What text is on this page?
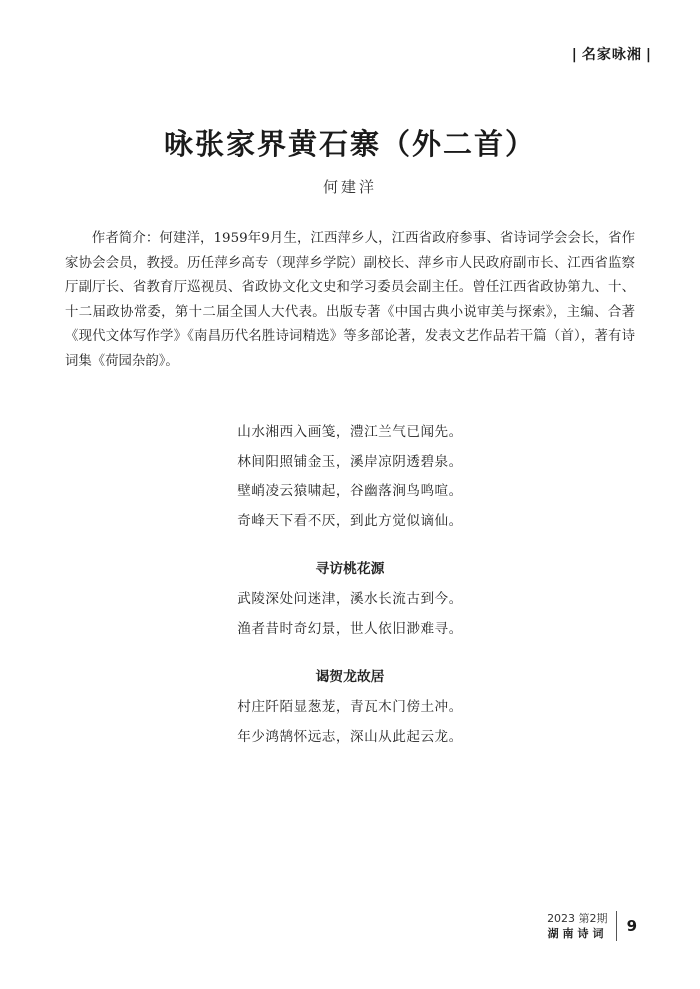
| 名家咏湘 |
咏张家界黄石寨（外二首）

何建洋

作者简介：何建洋，1959年9月生，江西萍乡人，江西省政府参事、省诗词学会会长，省作家协会会员，教授。历任萍乡高专（现萍乡学院）副校长、萍乡市人民政府副市长、江西省监察厅副厅长、省教育厅巡视员、省政协文化文史和学习委员会副主任。曾任江西省政协第九、十、十二届政协常委，第十二届全国人大代表。出版专著《中国古典小说审美与探索》，主编、合著《现代文体写作学》《南昌历代名胜诗词精选》等多部论著，发表文艺作品若干篇（首），著有诗词集《荷园杂韵》。

山水湘西入画笺，澧江兰气已闻先。
林间阳照铺金玉，溪岸凉阴透碧泉。
壁峭凌云猿啸起，谷幽落涧鸟鸣喧。
奇峰天下看不厌，到此方觉似谪仙。
寻访桃花源
武陵深处问迷津，溪水长流古到今。
渔者昔时奇幻景，世人依旧渺难寻。
谒贺龙故居
村庄阡陌显葱茏，青瓦木门傍土冲。
年少鸿鹄怀远志，深山从此起云龙。
2023 第2期
湖南诗词 9
